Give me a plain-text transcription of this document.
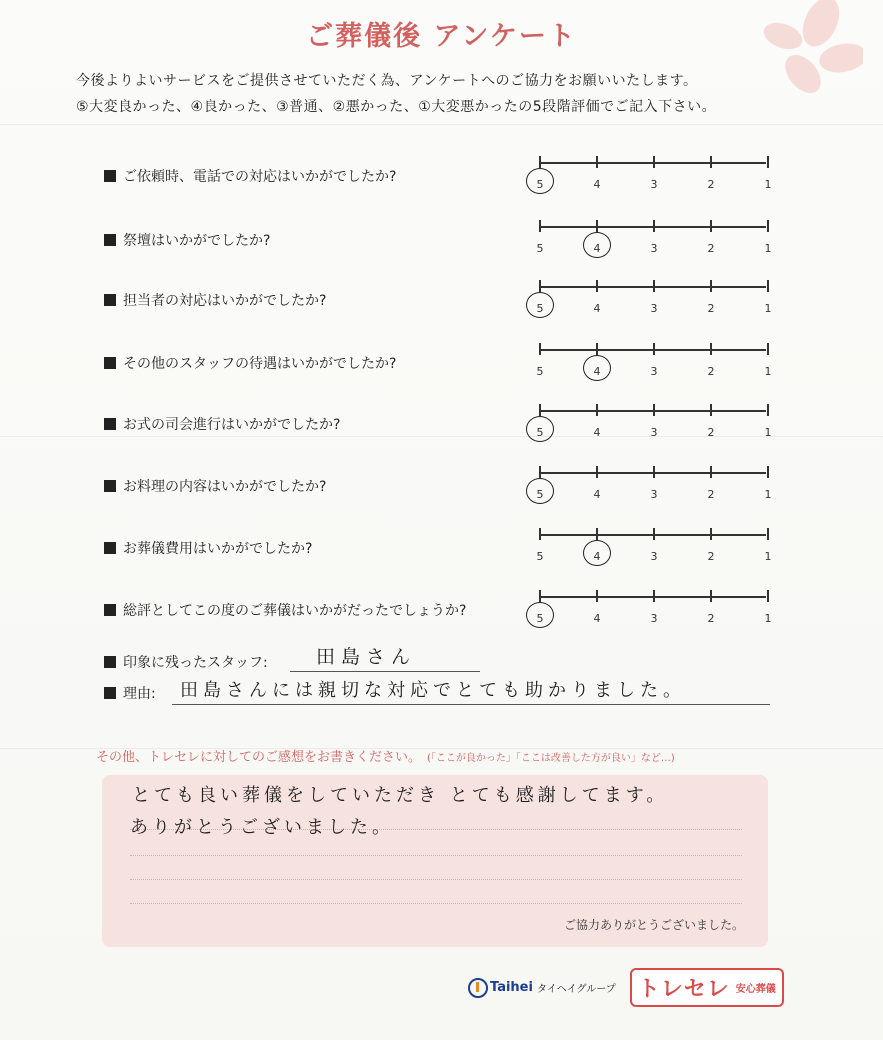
ご葬儀後 アンケート
今後よりよいサービスをご提供させていただく為、アンケートへのご協力をお願いいたします。
⑤大変良かった、④良かった、③普通、②悪かった、①大変悪かったの5段階評価でご記入下さい。
ご依頼時、電話での対応はいかがでしたか?	5	4	3	2	1
祭壇はいかがでしたか?	5	4	3	2	1
担当者の対応はいかがでしたか?	5	4	3	2	1
その他のスタッフの待遇はいかがでしたか?	5	4	3	2	1
お式の司会進行はいかがでしたか?	5	4	3	2	1
お料理の内容はいかがでしたか?	5	4	3	2	1
お葬儀費用はいかがでしたか?	5	4	3	2	1
総評としてこの度のご葬儀はいかがだったでしょうか?	5	4	3	2	1
印象に残ったスタッフ:	田島さん
理由: 田島さんには親切な対応でとても助かりました。
その他、トレセレに対してのご感想をお書きください。 (「ここが良かった」「ここは改善した方が良い」など…)
とても良い葬儀をしていただき とても感謝してます。
ありがとうございました。
ご協力ありがとうございました。
Taihei タイヘイグループ トレセレ 安心葬儀
